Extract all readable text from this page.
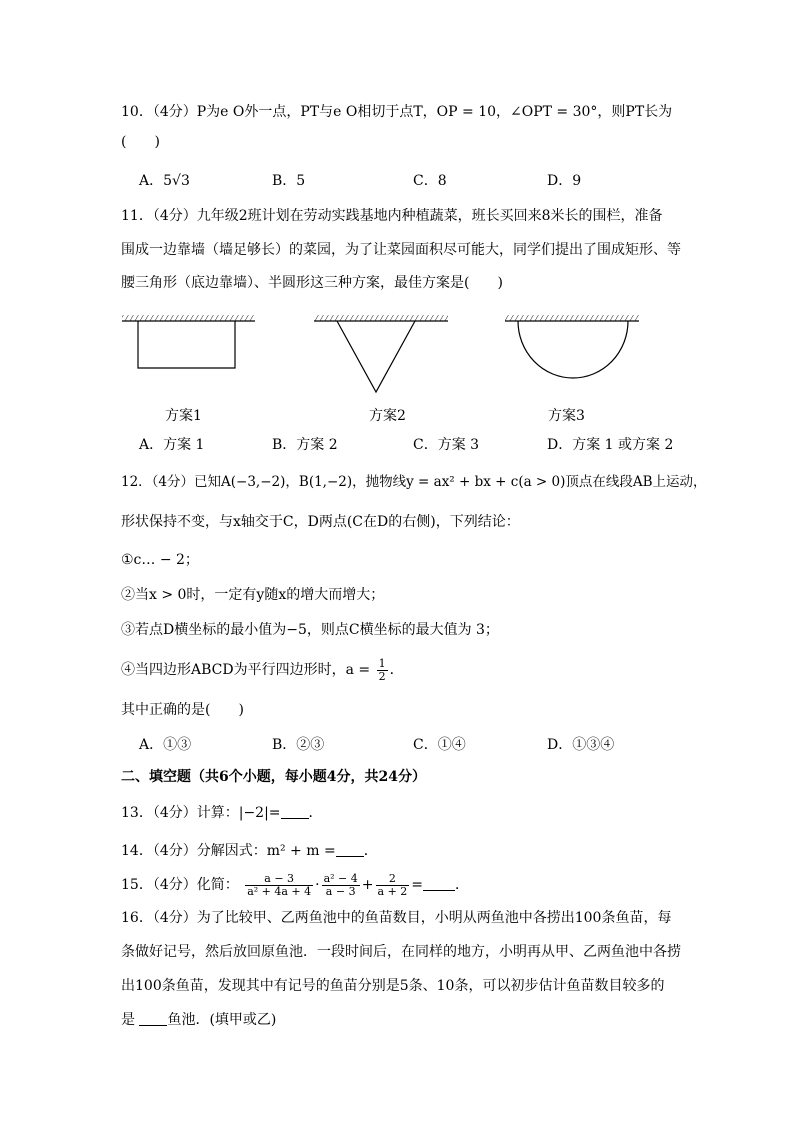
10．（4分）P为e O外一点，PT与e O相切于点T，OP = 10，∠OPT = 30°，则PT长为
(　　)
A．5√3	B．5	C．8	D．9
11．（4分）九年级2班计划在劳动实践基地内种植蔬菜，班长买回来8米长的围栏，准备
围成一边靠墙（墙足够长）的菜园，为了让菜园面积尽可能大，同学们提出了围成矩形、等
腰三角形（底边靠墙）、半圆形这三种方案，最佳方案是(　　)
方案1	方案2	方案3
A．方案 1	B．方案 2	C．方案 3	D．方案 1 或方案 2
12．（4分）已知A(−3,−2)，B(1,−2)，抛物线y = ax² + bx + c(a > 0)顶点在线段AB上运动，
形状保持不变，与x轴交于C，D两点(C在D的右侧)，下列结论：
①c… − 2；
②当x > 0时，一定有y随x的增大而增大；
③若点D横坐标的最小值为−5，则点C横坐标的最大值为 3；
④当四边形ABCD为平行四边形时，$a = \frac{1}{2}$ ．
其中正确的是(　　)
A．①③	B．②③	C．①④	D．①③④
二、填空题（共6个小题，每小题4分，共24分）
13．（4分）计算：|−2|= ．
14．（4分）分解因式：m² + m = ．
15．（4分）化简： $\frac{a - 3}{\text{a² + 4a + 4}} \cdot \frac{\text{a² − 4}}{a - 3} + \frac{2}{a + 2}$ = ．
16．（4分）为了比较甲、乙两鱼池中的鱼苗数目，小明从两鱼池中各捞出100条鱼苗，每
条做好记号，然后放回原鱼池．一段时间后，在同样的地方，小明再从甲、乙两鱼池中各捞
出100条鱼苗，发现其中有记号的鱼苗分别是5条、10条，可以初步估计鱼苗数目较多的
是 鱼池．(填甲或乙)
